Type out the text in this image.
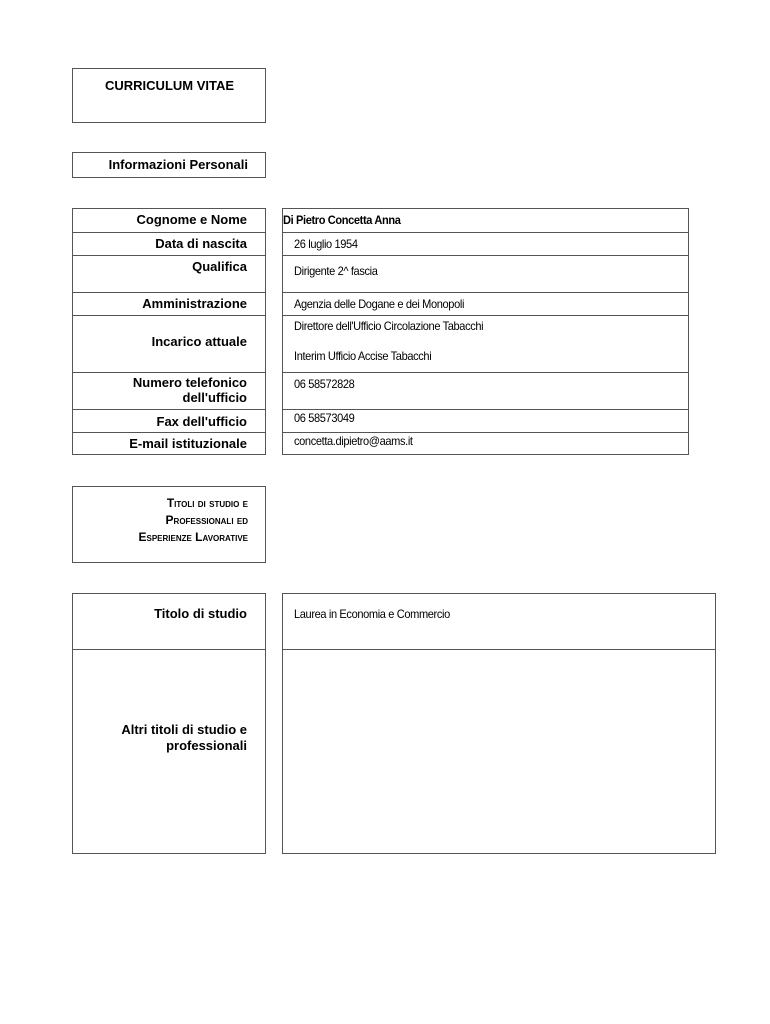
CURRICULUM VITAE
Informazioni Personali
Cognome e Nome
Data di nascita
Qualifica
Amministrazione
Incarico attuale
Numero telefonico
dell'ufficio
Fax dell'ufficio
E-mail istituzionale
Di Pietro Concetta Anna
26 luglio 1954
Dirigente 2^ fascia
Agenzia delle Dogane e dei Monopoli
Direttore dell'Ufficio Circolazione Tabacchi
Interim Ufficio Accise Tabacchi
06 58572828
06 58573049
concetta.dipietro@aams.it
Titoli di studio e
Professionali ed
Esperienze Lavorative
Titolo di studio
Altri titoli di studio e
professionali
Laurea in Economia e Commercio
